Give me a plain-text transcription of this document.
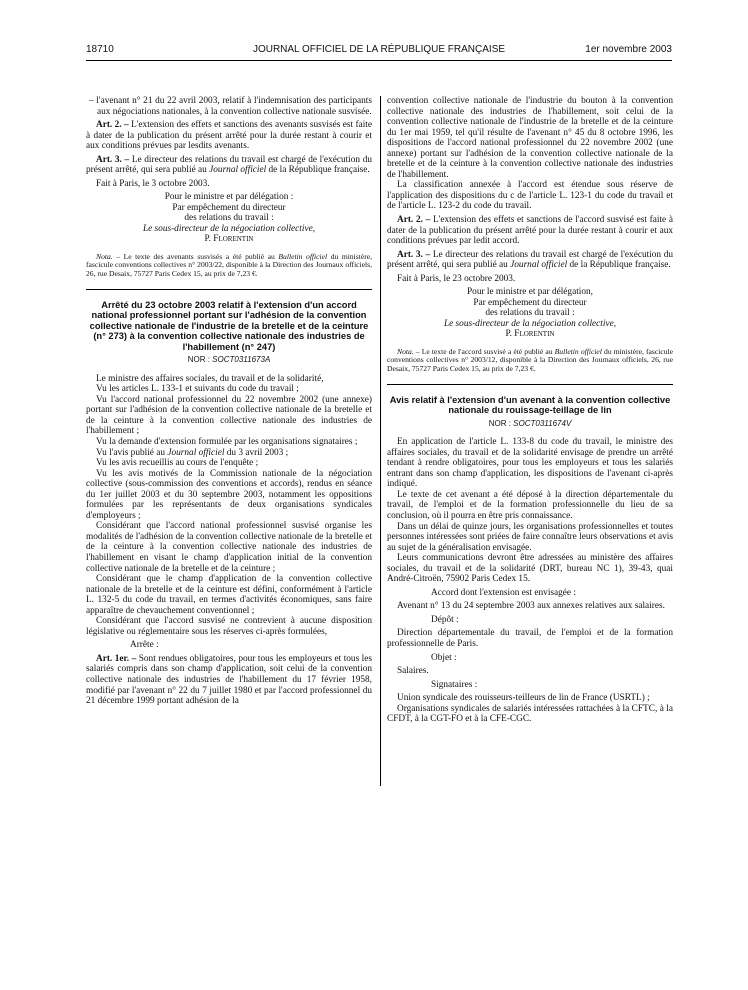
18710	JOURNAL OFFICIEL DE LA RÉPUBLIQUE FRANÇAISE	1er novembre 2003

– l'avenant n° 21 du 22 avril 2003, relatif à l'indemnisation des participants aux négociations nationales, à la convention collective nationale susvisée.

Art. 2. – L'extension des effets et sanctions des avenants susvisés est faite à dater de la publication du présent arrêté pour la durée restant à courir et aux conditions prévues par lesdits avenants.

Art. 3. – Le directeur des relations du travail est chargé de l'exécution du présent arrêté, qui sera publié au Journal officiel de la République française.

Fait à Paris, le 3 octobre 2003.

Pour le ministre et par délégation :
Par empêchement du directeur
des relations du travail :
Le sous-directeur de la négociation collective,
P. Florentin
Nota. – Le texte des avenants susvisés a été publié au Bulletin officiel du ministère, fascicule conventions collectives n° 2003/22, disponible à la Direction des Journaux officiels, 26, rue Desaix, 75727 Paris Cedex 15, au prix de 7,23 €.
Arrêté du 23 octobre 2003 relatif à l'extension d'un accord national professionnel portant sur l'adhésion de la convention collective nationale de l'industrie de la bretelle et de la ceinture (n° 273) à la convention collective nationale des industries de l'habillement (n° 247)
NOR : SOCT0311673A

Le ministre des affaires sociales, du travail et de la solidarité,

Vu les articles L. 133-1 et suivants du code du travail ;

Vu l'accord national professionnel du 22 novembre 2002 (une annexe) portant sur l'adhésion de la convention collective nationale de la bretelle et de la ceinture à la convention collective nationale des industries de l'habillement ;

Vu la demande d'extension formulée par les organisations signataires ;

Vu l'avis publié au Journal officiel du 3 avril 2003 ;

Vu les avis recueillis au cours de l'enquête ;

Vu les avis motivés de la Commission nationale de la négociation collective (sous-commission des conventions et accords), rendus en séance du 1er juillet 2003 et du 30 septembre 2003, notamment les oppositions formulées par les représentants de deux organisations syndicales d'employeurs ;

Considérant que l'accord national professionnel susvisé organise les modalités de l'adhésion de la convention collective nationale de la bretelle et de la ceinture à la convention collective nationale des industries de l'habillement en visant le champ d'application initial de la convention collective nationale de la bretelle et de la ceinture ;

Considérant que le champ d'application de la convention collective nationale de la bretelle et de la ceinture est défini, conformément à l'article L. 132-5 du code du travail, en termes d'activités économiques, sans faire apparaître de chevauchement conventionnel ;

Considérant que l'accord susvisé ne contrevient à aucune disposition législative ou réglementaire sous les réserves ci-après formulées,

Arrête :

Art. 1er. – Sont rendues obligatoires, pour tous les employeurs et tous les salariés compris dans son champ d'application, soit celui de la convention collective nationale des industries de l'habillement du 17 février 1958, modifié par l'avenant n° 22 du 7 juillet 1980 et par l'accord professionnel du 21 décembre 1999 portant adhésion de la

convention collective nationale de l'industrie du bouton à la convention collective nationale des industries de l'habillement, soit celui de la convention collective nationale de l'industrie de la bretelle et de la ceinture du 1er mai 1959, tel qu'il résulte de l'avenant n° 45 du 8 octobre 1996, les dispositions de l'accord national professionnel du 22 novembre 2002 (une annexe) portant sur l'adhésion de la convention collective nationale de la bretelle et de la ceinture à la convention collective nationale des industries de l'habillement.

La classification annexée à l'accord est étendue sous réserve de l'application des dispositions du c de l'article L. 123-1 du code du travail et de l'article L. 123-2 du code du travail.

Art. 2. – L'extension des effets et sanctions de l'accord susvisé est faite à dater de la publication du présent arrêté pour la durée restant à courir et aux conditions prévues par ledit accord.

Art. 3. – Le directeur des relations du travail est chargé de l'exécution du présent arrêté, qui sera publié au Journal officiel de la République française.

Fait à Paris, le 23 octobre 2003.

Pour le ministre et par délégation,
Par empêchement du directeur
des relations du travail :
Le sous-directeur de la négociation collective,
P. Florentin
Nota. – Le texte de l'accord susvisé a été publié au Bulletin officiel du ministère, fascicule conventions collectives n° 2003/12, disponible à la Direction des Journaux officiels, 26, rue Desaix, 75727 Paris Cedex 15, au prix de 7,23 €.
Avis relatif à l'extension d'un avenant à la convention collective nationale du rouissage-teillage de lin
NOR : SOCT0311674V

En application de l'article L. 133-8 du code du travail, le ministre des affaires sociales, du travail et de la solidarité envisage de prendre un arrêté tendant à rendre obligatoires, pour tous les employeurs et tous les salariés entrant dans son champ d'application, les dispositions de l'avenant ci-après indiqué.

Le texte de cet avenant a été déposé à la direction départementale du travail, de l'emploi et de la formation professionnelle du lieu de sa conclusion, où il pourra en être pris connaissance.

Dans un délai de quinze jours, les organisations professionnelles et toutes personnes intéressées sont priées de faire connaître leurs observations et avis au sujet de la généralisation envisagée.

Leurs communications devront être adressées au ministère des affaires sociales, du travail et de la solidarité (DRT, bureau NC 1), 39-43, quai André-Citroën, 75902 Paris Cedex 15.

Accord dont l'extension est envisagée :

Avenant n° 13 du 24 septembre 2003 aux annexes relatives aux salaires.

Dépôt :

Direction départementale du travail, de l'emploi et de la formation professionnelle de Paris.

Objet :

Salaires.

Signataires :

Union syndicale des rouisseurs-teilleurs de lin de France (USRTL) ;

Organisations syndicales de salariés intéressées rattachées à la CFTC, à la CFDT, à la CGT-FO et à la CFE-CGC.
